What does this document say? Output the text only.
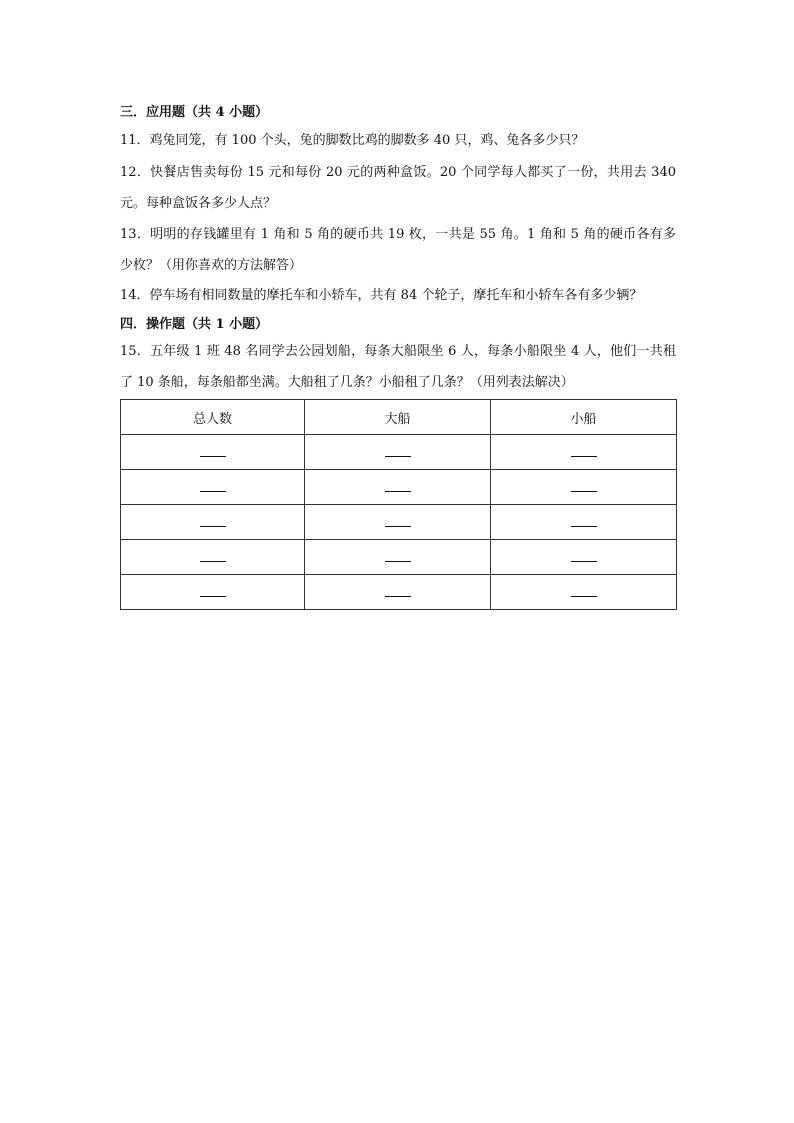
三．应用题（共 4 小题）

11．鸡兔同笼，有 100 个头，兔的脚数比鸡的脚数多 40 只，鸡、兔各多少只？

12．快餐店售卖每份 15 元和每份 20 元的两种盒饭。20 个同学每人都买了一份，共用去 340 元。每种盒饭各多少人点？

13．明明的存钱罐里有 1 角和 5 角的硬币共 19 枚，一共是 55 角。1 角和 5 角的硬币各有多少枚？（用你喜欢的方法解答）

14．停车场有相同数量的摩托车和小轿车，共有 84 个轮子，摩托车和小轿车各有多少辆？

四．操作题（共 1 小题）

15．五年级 1 班 48 名同学去公园划船，每条大船限坐 6 人，每条小船限坐 4 人，他们一共租了 10 条船，每条船都坐满。大船租了几条？小船租了几条？（用列表法解决）

总人数	大船	小船
